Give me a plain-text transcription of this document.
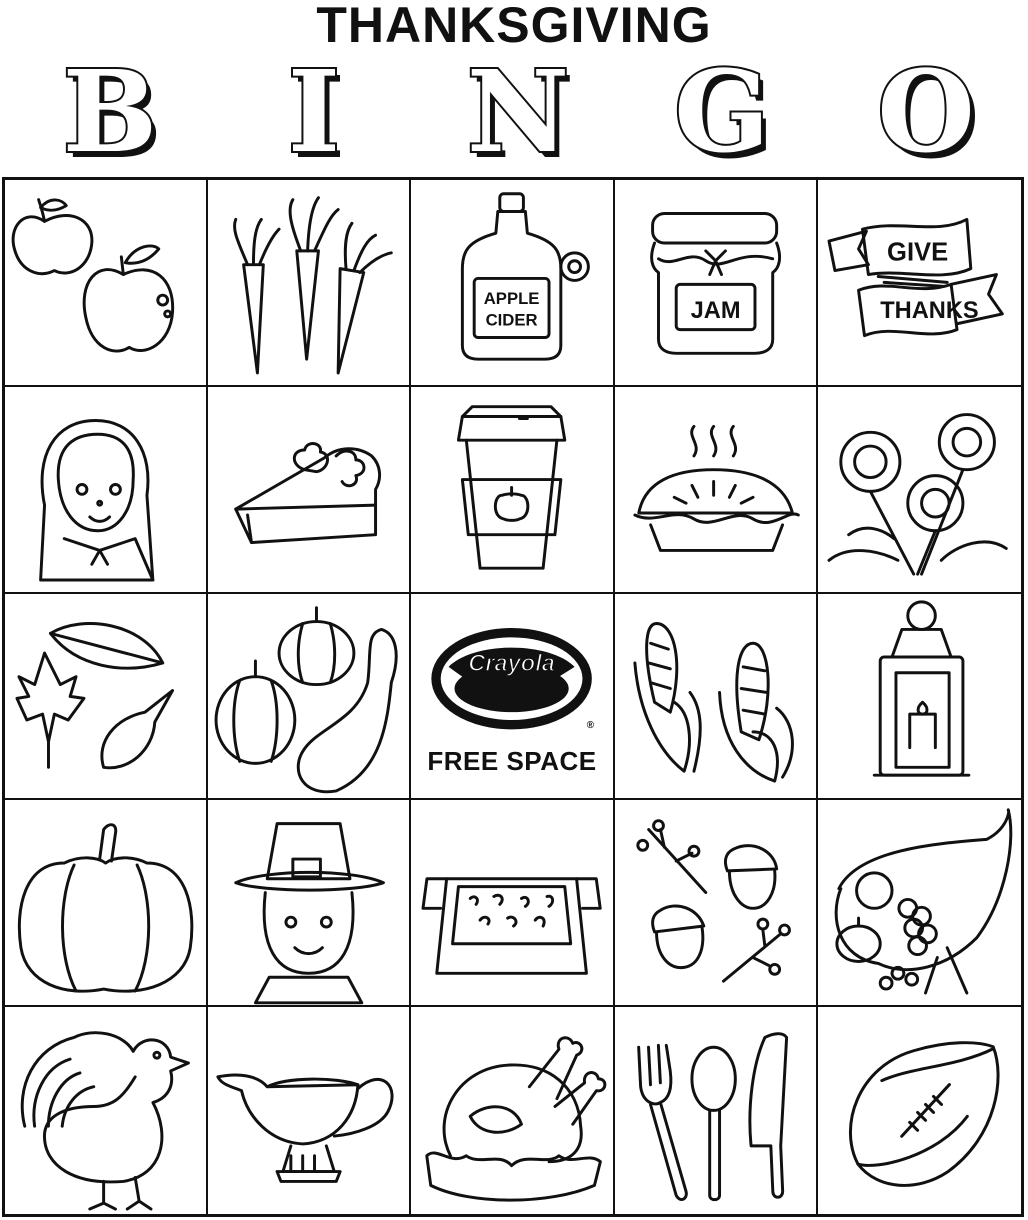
THANKSGIVING
B	I	N G O
APPLE
CIDER	JAM
GIVE
THANKS
Crayola
®
FREE SPACE
